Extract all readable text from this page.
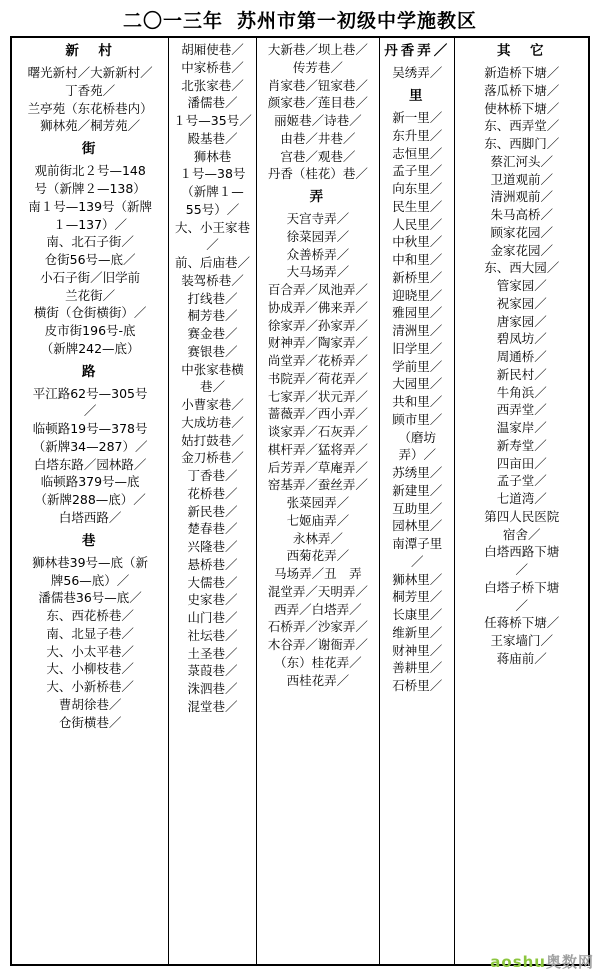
二〇一三年 苏州市第一初级中学施教区
新　村
曙光新村／大新新村／
丁香苑／
兰亭苑（东花桥巷内）
狮林苑／桐芳苑／
街
观前街北２号—148
号（新牌２—138）
南１号—139号（新牌
１—137）／
南、北石子街／
仓街56号—底／
小石子街／旧学前
兰花街／
横街（仓街横街）／
皮市街196号-底
（新牌242—底）
路
平江路62号—305号
／
临顿路19号—378号
（新牌34—287）／
白塔东路／园林路／
临顿路379号—底
（新牌288—底）／
白塔西路／
巷
狮林巷39号—底（新
牌56—底）／
潘儒巷36号—底／
东、西花桥巷／
南、北显子巷／
大、小太平巷／
大、小柳枝巷／
大、小新桥巷／
曹胡徐巷／
仓街横巷／
胡厢使巷／
中家桥巷／
北张家巷／
潘儒巷／
１号—35号／
殿基巷／
狮林巷
１号—38号
（新牌１—
55号）／
大、小王家巷
／
前、后庙巷／
装驾桥巷／
打线巷／
桐芳巷／
赛金巷／
赛银巷／
中张家巷横
巷／
小曹家巷／
大成坊巷／
姑打鼓巷／
金刀桥巷／
丁香巷／
花桥巷／
新民巷／
楚春巷／
兴隆巷／
悬桥巷／
大儒巷／
史家巷／
山门巷／
社坛巷／
土圣巷／
菉葭巷／
洙泗巷／
混堂巷／
大新巷／坝上巷／
传芳巷／
肖家巷／钮家巷／
颜家巷／莲目巷／
丽姬巷／诗巷／
由巷／井巷／
宫巷／观巷／
丹香（桂花）巷／
弄
天宫寺弄／
徐菜园弄／
众善桥弄／
大马场弄／
百合弄／凤池弄／
协成弄／佛来弄／
徐家弄／孙家弄／
财神弄／陶家弄／
尚堂弄／花桥弄／
书院弄／荷花弄／
七家弄／状元弄／
蔷薇弄／西小弄／
谈家弄／石灰弄／
棋杆弄／猛将弄／
后芳弄／草庵弄／
窑基弄／蚕丝弄／
张菜园弄／
七姬庙弄／
永林弄／
西菊花弄／
马场弄／丑　弄
混堂弄／天明弄／
西弄／白塔弄／
石桥弄／沙家弄／
木谷弄／谢衙弄／
（东）桂花弄／
西桂花弄／
丹香弄／
吴绣弄／
里
新一里／
东升里／
志恒里／
孟子里／
向东里／
民生里／
人民里／
中秋里／
中和里／
新桥里／
迎晓里／
雅园里／
清洲里／
旧学里／
学前里／
大园里／
共和里／
顾市里／
（磨坊
弄）／
苏绣里／
新建里／
互助里／
园林里／
南潭子里
／
狮林里／
桐芳里／
长康里／
维新里／
财神里／
善耕里／
石桥里／
其　它
新造桥下塘／
落瓜桥下塘／
使林桥下塘／
东、西弄堂／
东、西脚门／
蔡汇河头／
卫道观前／
清洲观前／
朱马高桥／
顾家花园／
金家花园／
东、西大园／
管家园／
祝家园／
唐家园／
碧凤坊／
周通桥／
新民村／
牛角浜／
西弄堂／
温家岸／
新寿堂／
四亩田／
孟子堂／
七道湾／
第四人民医院
宿舍／
白塔西路下塘
／
白塔子桥下塘
／
任蒋桥下塘／
王家墙门／
蒋庙前／
aoshu奥数网
